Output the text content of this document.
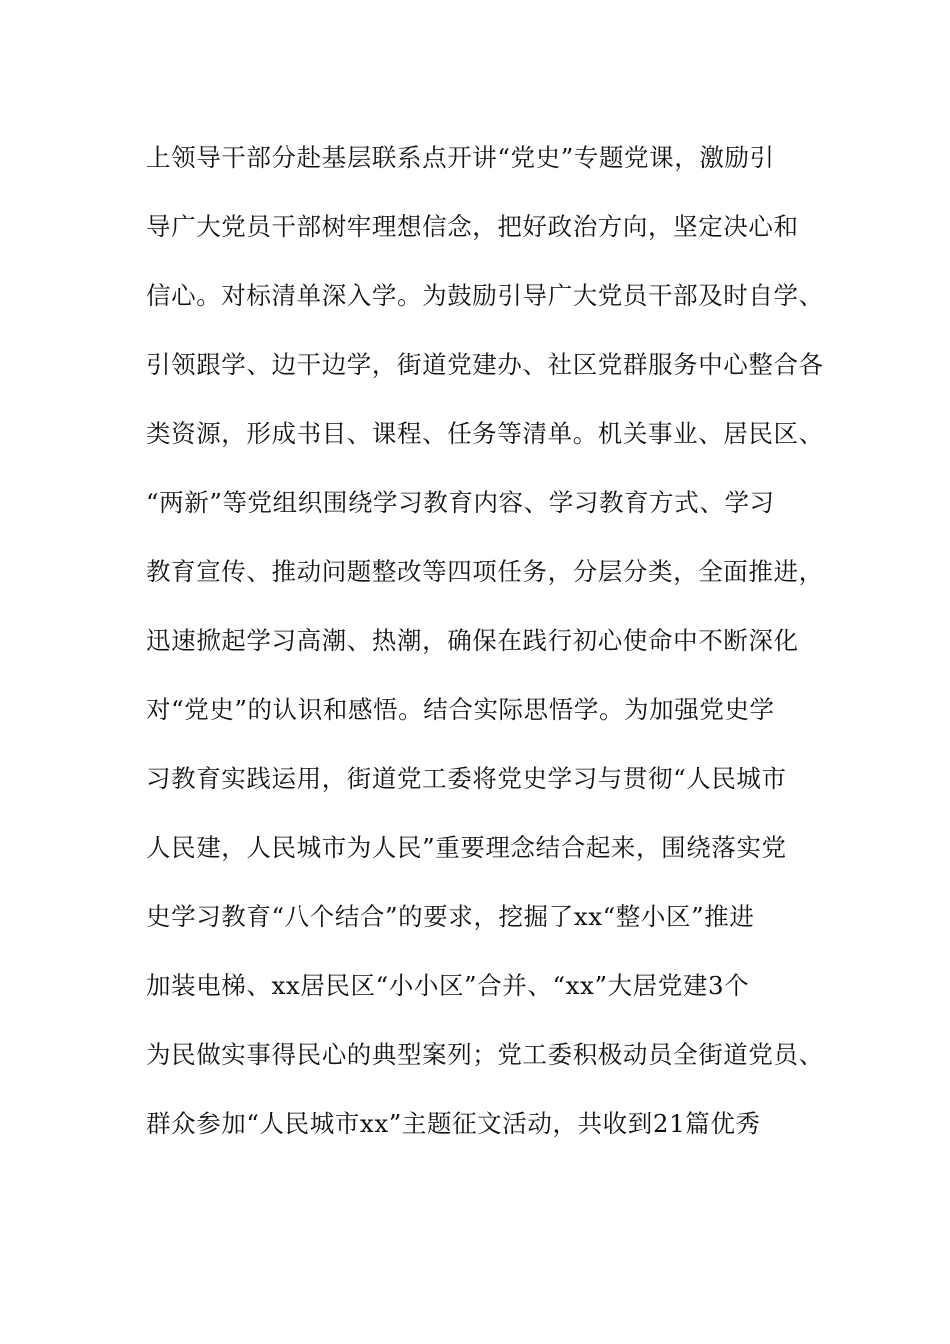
上领导干部分赴基层联系点开讲“党史”专题党课，激励引
导广大党员干部树牢理想信念，把好政治方向，坚定决心和
信心。对标清单深入学。为鼓励引导广大党员干部及时自学、
引领跟学、边干边学，街道党建办、社区党群服务中心整合各
类资源，形成书目、课程、任务等清单。机关事业、居民区、
“两新”等党组织围绕学习教育内容、学习教育方式、学习
教育宣传、推动问题整改等四项任务，分层分类，全面推进，
迅速掀起学习高潮、热潮，确保在践行初心使命中不断深化
对“党史”的认识和感悟。结合实际思悟学。为加强党史学
习教育实践运用，街道党工委将党史学习与贯彻“人民城市
人民建，人民城市为人民”重要理念结合起来，围绕落实党
史学习教育“八个结合”的要求，挖掘了xx“整小区”推进
加装电梯、xx居民区“小小区”合并、“xx”大居党建3个
为民做实事得民心的典型案列；党工委积极动员全街道党员、
群众参加“人民城市xx”主题征文活动，共收到21篇优秀
